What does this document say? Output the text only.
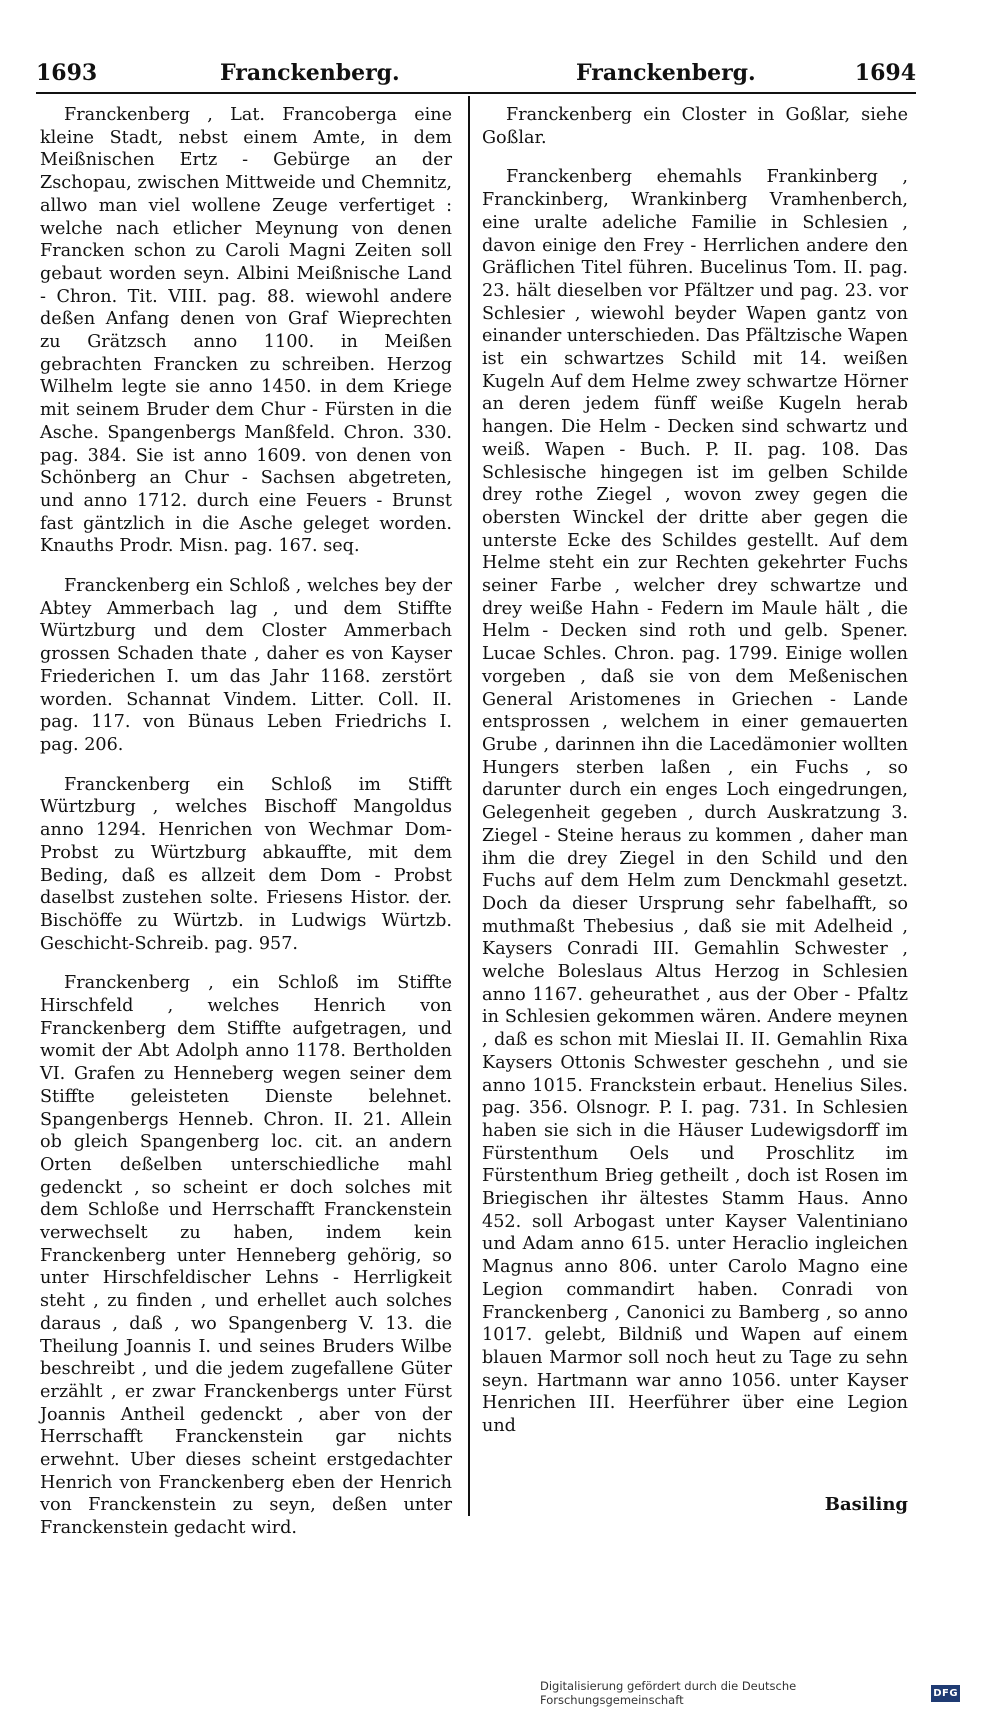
1693	Franckenberg.	Franckenberg.	1694

Franckenberg , Lat. Francoberga eine kleine Stadt, nebst einem Amte, in dem Meißnischen Ertz - Gebürge an der Zschopau, zwischen Mittweide und Chemnitz, allwo man viel wollene Zeuge verfertiget : welche nach etlicher Meynung von denen Francken schon zu Caroli Magni Zeiten soll gebaut worden seyn. Albini Meißnische Land - Chron. Tit. VIII. pag. 88. wiewohl andere deßen Anfang denen von Graf Wieprechten zu Grätzsch anno 1100. in Meißen gebrachten Francken zu schreiben. Herzog Wilhelm legte sie anno 1450. in dem Kriege mit seinem Bruder dem Chur - Fürsten in die Asche. Spangenbergs Manßfeld. Chron. 330. pag. 384. Sie ist anno 1609. von denen von Schönberg an Chur - Sachsen abgetreten, und anno 1712. durch eine Feuers - Brunst fast gäntzlich in die Asche geleget worden. Knauths Prodr. Misn. pag. 167. seq.

Franckenberg ein Schloß , welches bey der Abtey Ammerbach lag , und dem Stiffte Würtzburg und dem Closter Ammerbach grossen Schaden thate , daher es von Kayser Friederichen I. um das Jahr 1168. zerstört worden. Schannat Vindem. Litter. Coll. II. pag. 117. von Bünaus Leben Friedrichs I. pag. 206.

Franckenberg ein Schloß im Stifft Würtzburg , welches Bischoff Mangoldus anno 1294. Henrichen von Wechmar Dom-Probst zu Würtzburg abkauffte, mit dem Beding, daß es allzeit dem Dom - Probst daselbst zustehen solte. Friesens Histor. der. Bischöffe zu Würtzb. in Ludwigs Würtzb. Geschicht-Schreib. pag. 957.

Franckenberg , ein Schloß im Stiffte Hirschfeld , welches Henrich von Franckenberg dem Stiffte aufgetragen, und womit der Abt Adolph anno 1178. Bertholden VI. Grafen zu Henneberg wegen seiner dem Stiffte geleisteten Dienste belehnet. Spangenbergs Henneb. Chron. II. 21. Allein ob gleich Spangenberg loc. cit. an andern Orten deßelben unterschiedliche mahl gedenckt , so scheint er doch solches mit dem Schloße und Herrschafft Franckenstein verwechselt zu haben, indem kein Franckenberg unter Henneberg gehörig, so unter Hirschfeldischer Lehns - Herrligkeit steht , zu finden , und erhellet auch solches daraus , daß , wo Spangenberg V. 13. die Theilung Joannis I. und seines Bruders Wilbe beschreibt , und die jedem zugefallene Güter erzählt , er zwar Franckenbergs unter Fürst Joannis Antheil gedenckt , aber von der Herrschafft Franckenstein gar nichts erwehnt. Uber dieses scheint erstgedachter Henrich von Franckenberg eben der Henrich von Franckenstein zu seyn, deßen unter Franckenstein gedacht wird.

Franckenberg ein Closter in Goßlar, siehe Goßlar.

Franckenberg ehemahls Frankinberg , Franckinberg, Wrankinberg Vramhenberch, eine uralte adeliche Familie in Schlesien , davon einige den Frey - Herrlichen andere den Gräflichen Titel führen. Bucelinus Tom. II. pag. 23. hält dieselben vor Pfältzer und pag. 23. vor Schlesier , wiewohl beyder Wapen gantz von einander unterschieden. Das Pfältzische Wapen ist ein schwartzes Schild mit 14. weißen Kugeln Auf dem Helme zwey schwartze Hörner an deren jedem fünff weiße Kugeln herab hangen. Die Helm - Decken sind schwartz und weiß. Wapen - Buch. P. II. pag. 108. Das Schlesische hingegen ist im gelben Schilde drey rothe Ziegel , wovon zwey gegen die obersten Winckel der dritte aber gegen die unterste Ecke des Schildes gestellt. Auf dem Helme steht ein zur Rechten gekehrter Fuchs seiner Farbe , welcher drey schwartze und drey weiße Hahn - Federn im Maule hält , die Helm - Decken sind roth und gelb. Spener. Lucae Schles. Chron. pag. 1799. Einige wollen vorgeben , daß sie von dem Meßenischen General Aristomenes in Griechen - Lande entsprossen , welchem in einer gemauerten Grube , darinnen ihn die Lacedämonier wollten Hungers sterben laßen , ein Fuchs , so darunter durch ein enges Loch eingedrungen, Gelegenheit gegeben , durch Auskratzung 3. Ziegel - Steine heraus zu kommen , daher man ihm die drey Ziegel in den Schild und den Fuchs auf dem Helm zum Denckmahl gesetzt. Doch da dieser Ursprung sehr fabelhafft, so muthmaßt Thebesius , daß sie mit Adelheid , Kaysers Conradi III. Gemahlin Schwester , welche Boleslaus Altus Herzog in Schlesien anno 1167. geheurathet , aus der Ober - Pfaltz in Schlesien gekommen wären. Andere meynen , daß es schon mit Mieslai II. II. Gemahlin Rixa Kaysers Ottonis Schwester geschehn , und sie anno 1015. Franckstein erbaut. Henelius Siles. pag. 356. Olsnogr. P. I. pag. 731. In Schlesien haben sie sich in die Häuser Ludewigsdorff im Fürstenthum Oels und Proschlitz im Fürstenthum Brieg getheilt , doch ist Rosen im Briegischen ihr ältestes Stamm Haus. Anno 452. soll Arbogast unter Kayser Valentiniano und Adam anno 615. unter Heraclio ingleichen Magnus anno 806. unter Carolo Magno eine Legion commandirt haben. Conradi von Franckenberg , Canonici zu Bamberg , so anno 1017. gelebt, Bildniß und Wapen auf einem blauen Marmor soll noch heut zu Tage zu sehn seyn. Hartmann war anno 1056. unter Kayser Henrichen III. Heerführer über eine Legion und

Basiling
Digitalisierung gefördert durch die Deutsche Forschungsgemeinschaft	DFG
